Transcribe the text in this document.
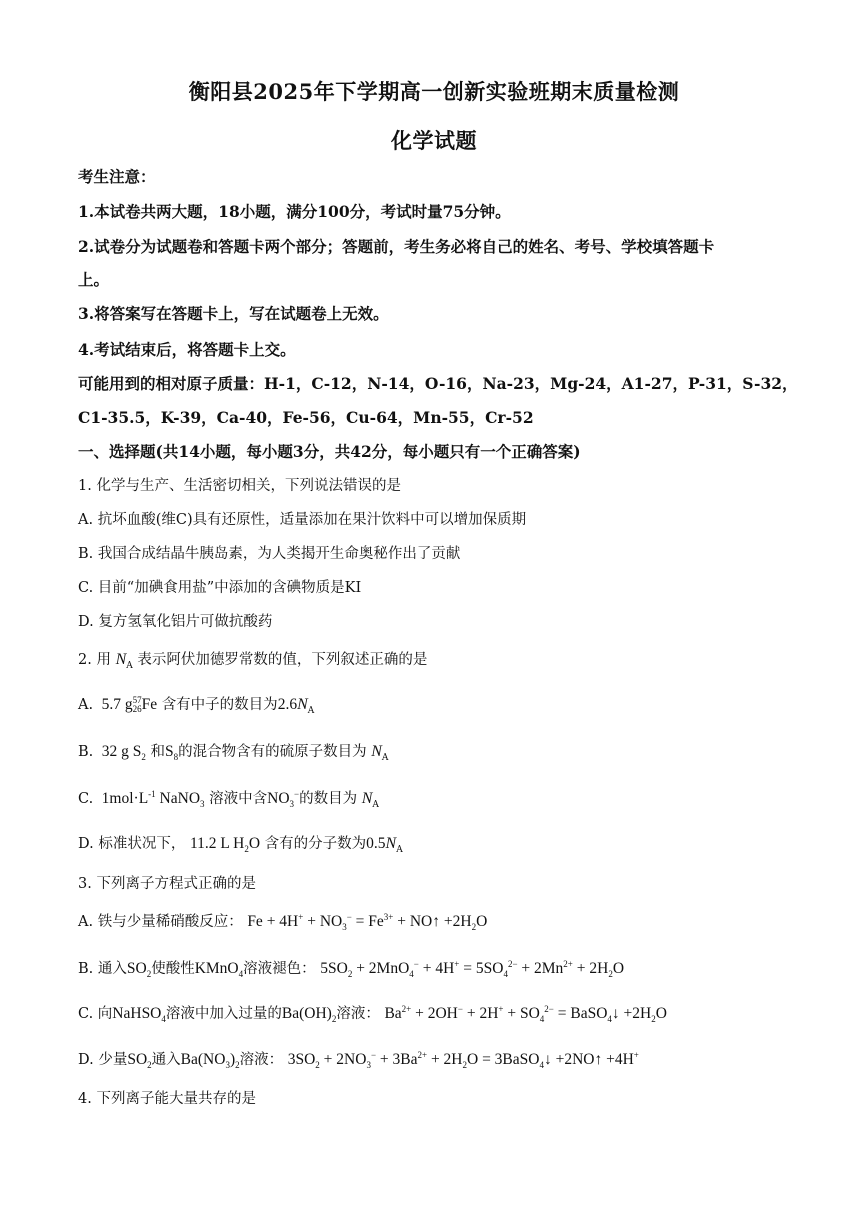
衡阳县2025年下学期高一创新实验班期末质量检测
化学试题
考生注意：
1.本试卷共两大题，18小题，满分100分，考试时量75分钟。
2.试卷分为试题卷和答题卡两个部分；答题前，考生务必将自己的姓名、考号、学校填答题卡
上。
3.将答案写在答题卡上，写在试题卷上无效。
4.考试结束后，将答题卡上交。
可能用到的相对原子质量：H-1，C-12，N-14，O-16，Na-23，Mg-24，A1-27，P-31，S-32，
C1-35.5，K-39，Ca-40，Fe-56，Cu-64，Mn-55，Cr-52
一、选择题(共14小题，每小题3分，共42分，每小题只有一个正确答案)
1. 化学与生产、生活密切相关，下列说法错误的是
A. 抗坏血酸(维C)具有还原性，适量添加在果汁饮料中可以增加保质期
B. 我国合成结晶牛胰岛素，为人类揭开生命奥秘作出了贡献
C. 目前“加碘食用盐”中添加的含碘物质是KI
D. 复方氢氧化铝片可做抗酸药
2. 用 $N_A$ 表示阿伏加德罗常数的值，下列叙述正确的是
A.  5.7 g 57
26 Fe 含有中子的数目为$2.6N_A$
B.  32 g $S_2$ 和$S_8$的混合物含有的硫原子数目为 $N_A$
C.  $1mol\cdot L^{-1}$ NaNO$_3$ 溶液中含$NO_3^-$的数目为 $N_A$
D. 标准状况下， 11.2 L $H_2O$ 含有的分子数为$0.5N_A$
3. 下列离子方程式正确的是
A. 铁与少量稀硝酸反应： $Fe + 4H^+ + NO_3^- = Fe^{3+}$ + NO↑ $+2H_2O$
B. 通入$SO_2$使酸性KMnO$_4$溶液褪色： $5SO_2 + 2MnO_4^- + 4H^+ = 5SO_4^{2-} + 2Mn^{2+} + 2H_2O$
C. 向NaHSO$_4$溶液中加入过量的$Ba(OH)_2$溶液： $Ba^{2+} + 2OH^- + 2H^+ + SO_4^{2-}$ = BaSO$_4$↓ $+2H_2O$
D. 少量$SO_2$通入$Ba(NO_3)_2$溶液： $3SO_2 + 2NO_3^- + 3Ba^{2+} + 2H_2O$ = 3BaSO$_4$↓ +2NO↑ +4H+
4. 下列离子能大量共存的是
